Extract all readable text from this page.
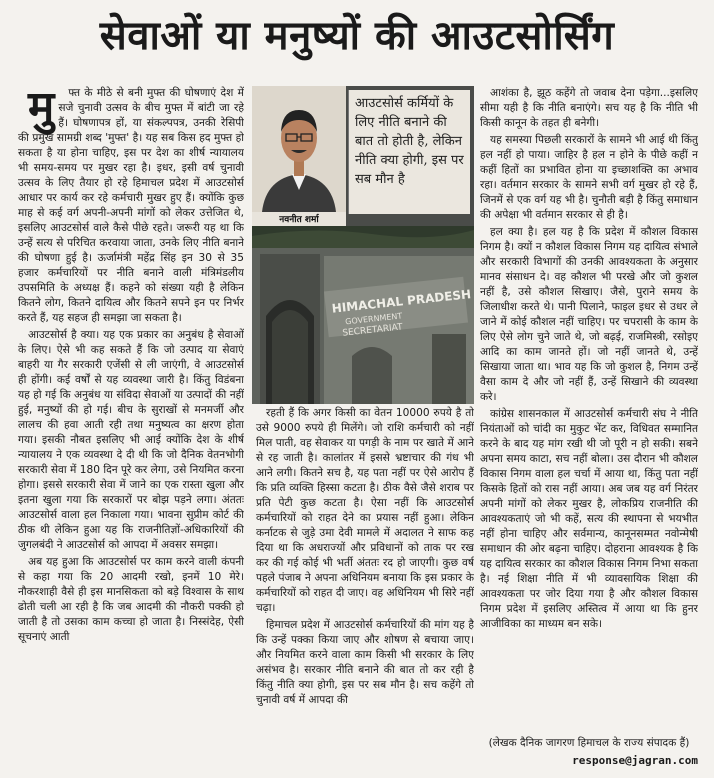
सेवाओं या मनुष्यों की आउटसोर्सिंग

मु फ्त के मीठे से बनी मुफ्त की घोषणाएं देश में सजे चुनावी उत्सव के बीच मुफ्त में बांटी जा रहे हैं। घोषणापत्र हों, या संकल्पपत्र, उनकी रेसिपी की प्रमुख सामग्री शब्द 'मुफ्त' है। यह सब किस हद मुफ्त हो सकता है या होना चाहिए, इस पर देश का शीर्ष न्यायालय भी समय-समय पर मुखर रहा है। इधर, इसी वर्ष चुनावी उत्सव के लिए तैयार हो रहे हिमाचल प्रदेश में आउटसोर्स आधार पर कार्य कर रहे कर्मचारी मुखर हुए हैं। क्योंकि कुछ माह से कई वर्ग अपनी-अपनी मांगों को लेकर उत्तेजित थे, इसलिए आउटसोर्स वाले कैसे पीछे रहते। जरूरी यह था कि उन्हें सत्य से परिचित करवाया जाता, उनके लिए नीति बनाने की घोषणा हुई है। ऊर्जामंत्री महेंद्र सिंह इन 30 से 35 हजार कर्मचारियों पर नीति बनाने वाली मंत्रिमंडलीय उपसमिति के अध्यक्ष हैं। कहने को संख्या यही है लेकिन कितने लोग, कितने दायित्व और कितने सपने इन पर निर्भर करते हैं, यह सहज ही समझा जा सकता है।

आउटसोर्स है क्या। यह एक प्रकार का अनुबंध है सेवाओं के लिए। ऐसे भी कह सकते हैं कि जो उत्पाद या सेवाएं बाहरी या गैर सरकारी एजेंसी से ली जाएंगी, वे आउटसोर्स ही होंगी। कई वर्षों से यह व्यवस्था जारी है। किंतु विडंबना यह हो गई कि अनुबंध या संविदा सेवाओं या उत्पादों की नहीं हुई, मनुष्यों की हो गई। बीच के सुराखों से मनमर्जी और लालच की हवा आती रही तथा मनुष्यत्व का क्षरण होता गया। इसकी नौबत इसलिए भी आई क्योंकि देश के शीर्ष न्यायालय ने एक व्यवस्था दे दी थी कि जो दैनिक वेतनभोगी सरकारी सेवा में 180 दिन पूरे कर लेगा, उसे नियमित करना होगा। इससे सरकारी सेवा में जाने का एक रास्ता खुला और इतना खुला गया कि सरकारों पर बोझ पड़ने लगा। अंततः आउटसोर्स वाला हल निकाला गया। भावना सुप्रीम कोर्ट की ठीक थी लेकिन हुआ यह कि राजनीतिज्ञों-अधिकारियों की जुगलबंदी ने आउटसोर्स को आपदा में अवसर समझा।

अब यह हुआ कि आउटसोर्स पर काम करने वाली कंपनी से कहा गया कि 20 आदमी रखो, इनमें 10 मेरे। नौकरशाही वैसे ही इस मानसिकता को बड़े विश्वास के साथ ढोती चली आ रही है कि जब आदमी की नौकरी पक्की हो जाती है तो उसका काम कच्चा हो जाता है। निस्संदेह, ऐसी सूचनाएं आती

नवनीत शर्मा
आउटसोर्स कर्मियों के लिए नीति बनाने की बात तो होती है, लेकिन नीति क्या होगी, इस पर सब मौन है
HIMACHAL PRADESH
GOVERNMENT
SECRETARIAT

रहती हैं कि अगर किसी का वेतन 10000 रुपये है तो उसे 9000 रुपये ही मिलेंगे। जो राशि कर्मचारी को नहीं मिल पाती, वह सेवाकर या पगड़ी के नाम पर खाते में आने से रह जाती है। कालांतर में इससे भ्रष्टाचार की गंध भी आने लगी। कितने सच है, यह पता नहीं पर ऐसे आरोप हैं कि प्रति व्यक्ति हिस्सा कटता है। ठीक वैसे जैसे शराब पर प्रति पेटी कुछ कटता है। ऐसा नहीं कि आउटसोर्स कर्मचारियों को राहत देने का प्रयास नहीं हुआ। लेकिन कर्नाटक से जुड़े उमा देवी मामले में अदालत ने साफ कह दिया था कि अधराज्यों और प्रविधानों को ताक पर रख कर की गई कोई भी भर्ती अंततः रद हो जाएगी। कुछ वर्ष पहले पंजाब ने अपना अधिनियम बनाया कि इस प्रकार के कर्मचारियों को राहत दी जाए। वह अधिनियम भी सिरे नहीं चढ़ा।

हिमाचल प्रदेश में आउटसोर्स कर्मचारियों की मांग यह है कि उन्हें पक्का किया जाए और शोषण से बचाया जाए। और नियमित करने वाला काम किसी भी सरकार के लिए असंभव है। सरकार नीति बनाने की बात तो कर रही है किंतु नीति क्या होगी, इस पर सब मौन है। सच कहेंगे तो चुनावी वर्ष में आपदा की

आशंका है, झूठ कहेंगे तो जवाब देना पड़ेगा...इसलिए सीमा यही है कि नीति बनाएंगे। सच यह है कि नीति भी किसी कानून के तहत ही बनेगी।

यह समस्या पिछली सरकारों के सामने भी आई थी किंतु हल नहीं हो पाया। जाहिर है हल न होने के पीछे कहीं न कहीं हितों का प्रभावित होना या इच्छाशक्ति का अभाव रहा। वर्तमान सरकार के सामने सभी वर्ग मुखर हो रहे हैं, जिनमें से एक वर्ग यह भी है। चुनौती बड़ी है किंतु समाधान की अपेक्षा भी वर्तमान सरकार से ही है।

हल क्या है। हल यह है कि प्रदेश में कौशल विकास निगम है। क्यों न कौशल विकास निगम यह दायित्व संभाले और सरकारी विभागों की उनकी आवश्यकता के अनुसार मानव संसाधन दे। वह कौशल भी परखे और जो कुशल नहीं है, उसे कौशल सिखाए। जैसे, पुराने समय के जिलाधीश करते थे। पानी पिलाने, फाइल इधर से उधर ले जाने में कोई कौशल नहीं चाहिए। पर चपरासी के काम के लिए ऐसे लोग चुने जाते थे, जो बढ़ई, राजमिस्त्री, रसोइए आदि का काम जानते हों। जो नहीं जानते थे, उन्हें सिखाया जाता था। भाव यह कि जो कुशल है, निगम उन्हें वैसा काम दे और जो नहीं हैं, उन्हें सिखाने की व्यवस्था करे।

कांग्रेस शासनकाल में आउटसोर्स कर्मचारी संघ ने नीति नियंताओं को चांदी का मुकुट भेंट कर, विधिवत सम्मानित करने के बाद यह मांग रखी थी जो पूरी न हो सकी। सबने अपना समय काटा, सच नहीं बोला। उस दौरान भी कौशल विकास निगम वाला हल चर्चा में आया था, किंतु पता नहीं किसके हितों को रास नहीं आया। अब जब यह वर्ग निरंतर अपनी मांगों को लेकर मुखर है, लोकप्रिय राजनीति की आवश्यकताएं जो भी कहें, सत्य की स्थापना से भयभीत नहीं होना चाहिए और सर्वमान्य, कानूनसम्मत नवोन्मेषी समाधान की ओर बढ़ना चाहिए। दोहराना आवश्यक है कि यह दायित्व सरकार का कौशल विकास निगम निभा सकता है। नई शिक्षा नीति में भी व्यावसायिक शिक्षा की आवश्यकता पर जोर दिया गया है और कौशल विकास निगम प्रदेश में इसलिए अस्तित्व में आया था कि हुनर आजीविका का माध्यम बन सके।

(लेखक दैनिक जागरण हिमाचल के राज्य संपादक हैं)
response@jagran.com
